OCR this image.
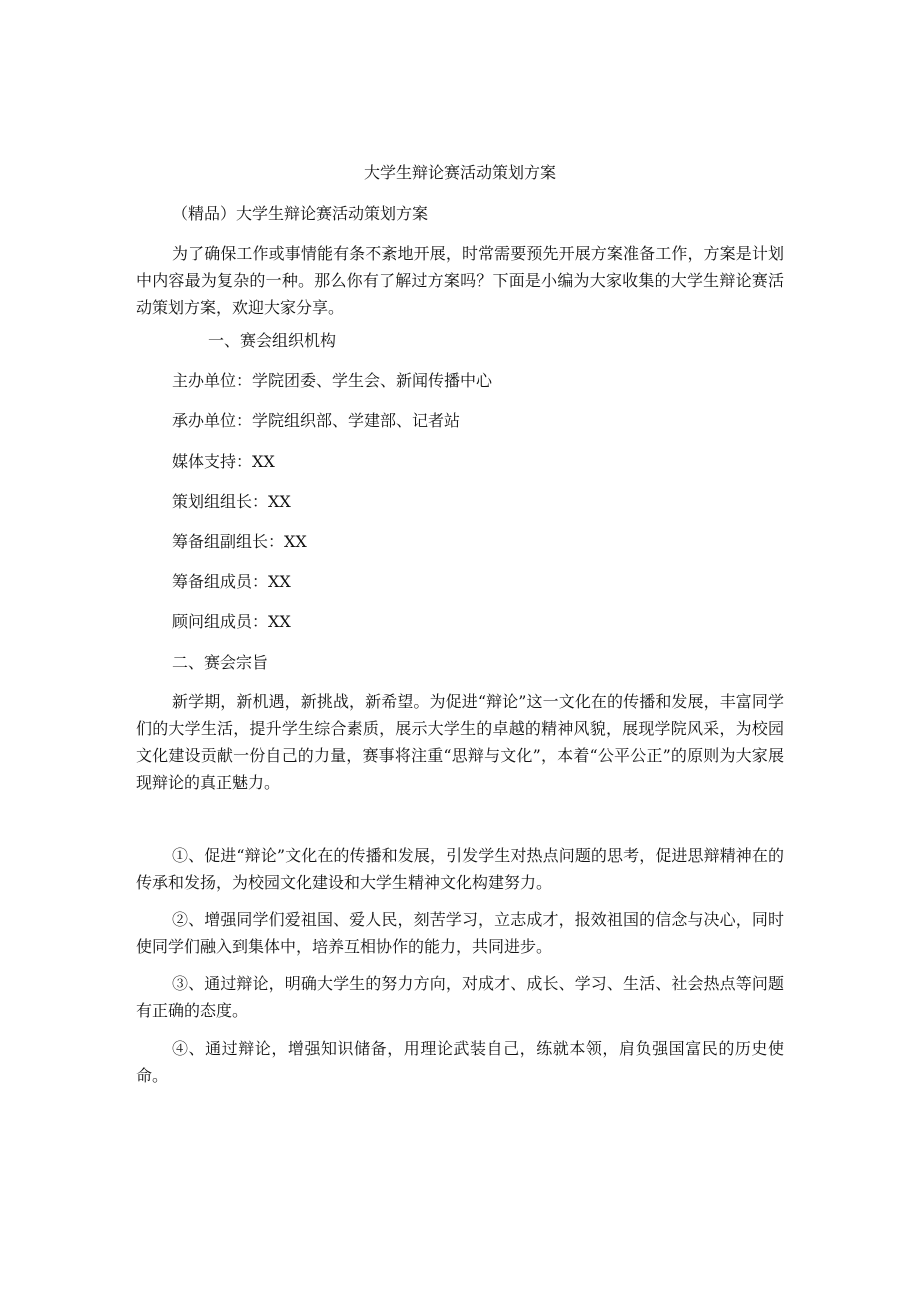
大学生辩论赛活动策划方案
（精品）大学生辩论赛活动策划方案
为了确保工作或事情能有条不紊地开展，时常需要预先开展方案准备工作，方案是计划中内容最为复杂的一种。那么你有了解过方案吗？下面是小编为大家收集的大学生辩论赛活动策划方案，欢迎大家分享。
一、赛会组织机构
主办单位：学院团委、学生会、新闻传播中心
承办单位：学院组织部、学建部、记者站
媒体支持：XX
策划组组长：XX
筹备组副组长：XX
筹备组成员：XX
顾问组成员：XX
二、赛会宗旨
新学期，新机遇，新挑战，新希望。为促进“辩论”这一文化在的传播和发展，丰富同学们的大学生活，提升学生综合素质，展示大学生的卓越的精神风貌，展现学院风采，为校园文化建设贡献一份自己的力量，赛事将注重“思辩与文化”，本着“公平公正”的原则为大家展现辩论的真正魅力。
①、促进“辩论”文化在的传播和发展，引发学生对热点问题的思考，促进思辩精神在的传承和发扬，为校园文化建设和大学生精神文化构建努力。
②、增强同学们爱祖国、爱人民，刻苦学习，立志成才，报效祖国的信念与决心，同时使同学们融入到集体中，培养互相协作的能力，共同进步。
③、通过辩论，明确大学生的努力方向，对成才、成长、学习、生活、社会热点等问题有正确的态度。
④、通过辩论，增强知识储备，用理论武装自己，练就本领，肩负强国富民的历史使命。
